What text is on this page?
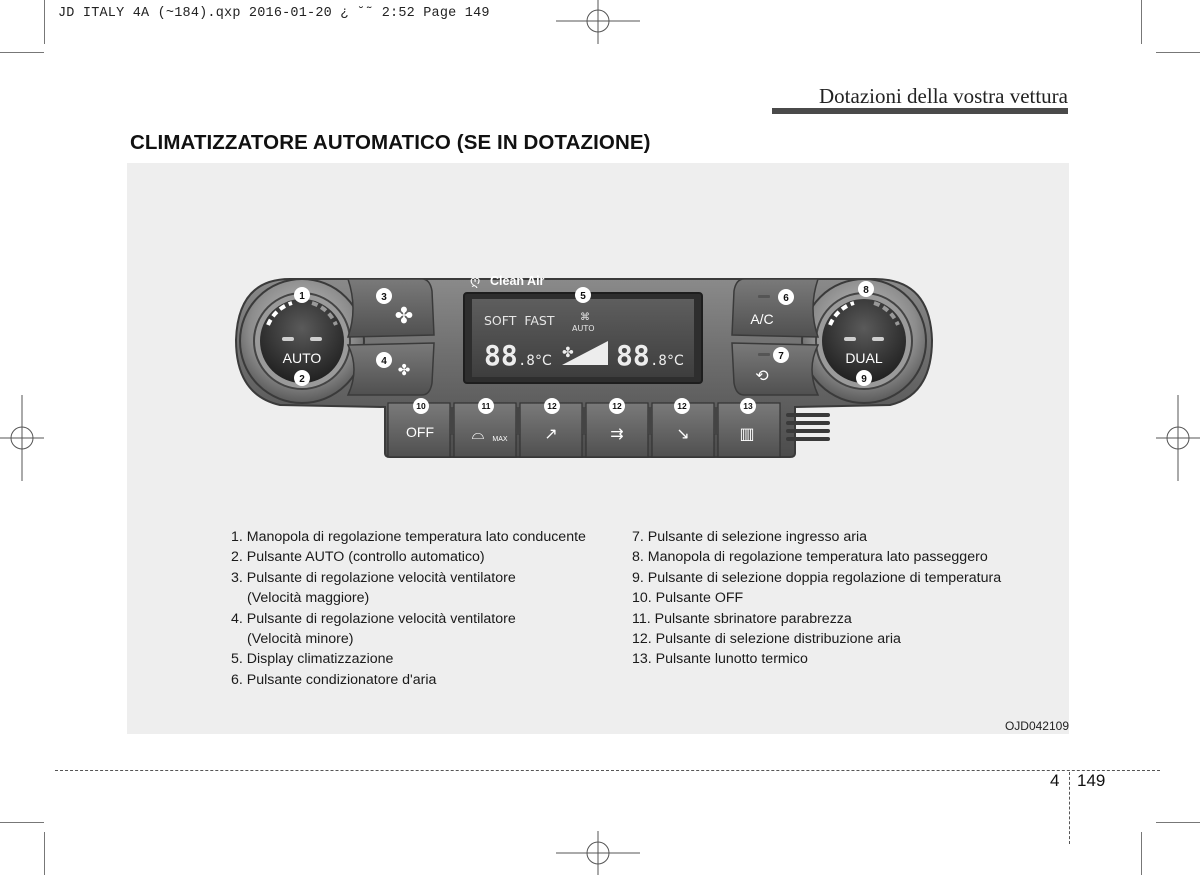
JD ITALY 4A (~184).qxp 2016-01-20 ¿ ˘˜ 2:52 Page 149
Dotazioni della vostra vettura
CLIMATIZZATORE AUTOMATICO (SE IN DOTAZIONE)
AUTO	DUAL
✤
✤
A/C
⟲
ღ Clean Air
SOFT  FAST	⌘
AUTO
88 .8 °C ✤ 88 .8 °C
OFF ⌓ MAX ↗	⇉	↘	▥
1
2
3
4
5	6
7
8
9
10	11	12	12	12	13
1. Manopola di regolazione temperatura lato conducente
2. Pulsante AUTO (controllo automatico)
3. Pulsante di regolazione velocità ventilatore
(Velocità maggiore)
4. Pulsante di regolazione velocità ventilatore
(Velocità minore)
5. Display climatizzazione
6. Pulsante condizionatore d'aria
7. Pulsante di selezione ingresso aria
8. Manopola di regolazione temperatura lato passeggero
9. Pulsante di selezione doppia regolazione di temperatura
10. Pulsante OFF
11. Pulsante sbrinatore parabrezza
12. Pulsante di selezione distribuzione aria
13. Pulsante lunotto termico
OJD042109
4 149
